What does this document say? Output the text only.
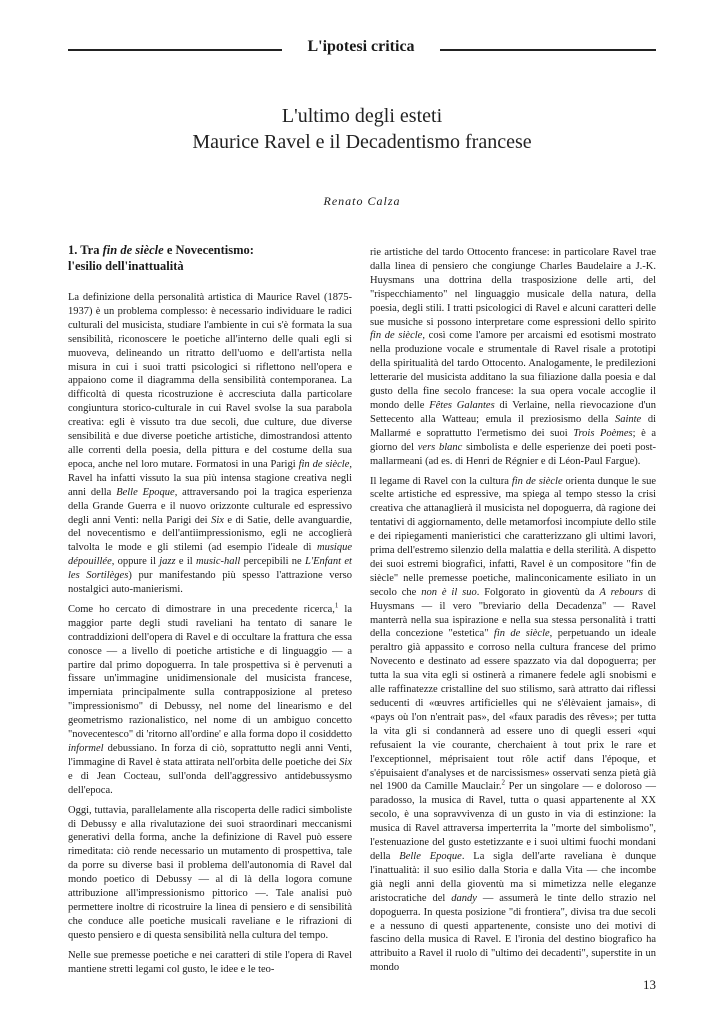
L'ipotesi critica
L'ultimo degli esteti
Maurice Ravel e il Decadentismo francese
Renato Calza
1. Tra fin de siècle e Novecentismo:
l'esilio dell'inattualità

La definizione della personalità artistica di Maurice Ravel (1875-1937) è un problema complesso: è necessario individuare le radici culturali del musicista, studiare l'ambiente in cui s'è formata la sua sensibilità, riconoscere le poetiche all'interno delle quali egli si muoveva, delineando un ritratto dell'uomo e dell'artista nella misura in cui i suoi tratti psicologici si riflettono nell'opera e appaiono come il diagramma della sensibilità contemporanea. La difficoltà di questa ricostruzione è accresciuta dalla particolare congiuntura storico-culturale in cui Ravel svolse la sua parabola creativa: egli è vissuto tra due secoli, due culture, due diverse sensibilità e due diverse poetiche artistiche, dimostrandosi attento alle correnti della poesia, della pittura e del costume della sua epoca, anche nel loro mutare. Formatosi in una Parigi fin de siècle, Ravel ha infatti vissuto la sua più intensa stagione creativa negli anni della Belle Epoque, attraversando poi la tragica esperienza della Grande Guerra e il nuovo orizzonte culturale ed espressivo degli anni Venti: nella Parigi dei Six e di Satie, delle avanguardie, del novecentismo e dell'antiimpressionismo, egli ne accoglierà talvolta le mode e gli stilemi (ad esempio l'ideale di musique dépouillée, oppure il jazz e il music-hall percepibili ne L'Enfant et les Sortilèges) pur manifestando più spesso l'attrazione verso nostalgici auto-manierismi.

Come ho cercato di dimostrare in una precedente ricerca,$^1$ la maggior parte degli studi raveliani ha tentato di sanare le contraddizioni dell'opera di Ravel e di occultare la frattura che essa conosce — a livello di poetiche artistiche e di linguaggio — a partire dal primo dopoguerra. In tale prospettiva si è pervenuti a fissare un'immagine unidimensionale del musicista francese, imperniata principalmente sulla contrapposizione al preteso "impressionismo" di Debussy, nel nome del linearismo e del geometrismo razionalistico, nel nome di un ambiguo concetto "novecentesco" di 'ritorno all'ordine' e alla forma dopo il cosiddetto informel debussiano. In forza di ciò, soprattutto negli anni Venti, l'immagine di Ravel è stata attirata nell'orbita delle poetiche dei Six e di Jean Cocteau, sull'onda dell'aggressivo antidebussysmo dell'epoca.

Oggi, tuttavia, parallelamente alla riscoperta delle radici simboliste di Debussy e alla rivalutazione dei suoi straordinari meccanismi generativi della forma, anche la definizione di Ravel può essere rimeditata: ciò rende necessario un mutamento di prospettiva, tale da porre su diverse basi il problema dell'autonomia di Ravel dal mondo poetico di Debussy — al di là della logora comune attribuzione all'impressionismo pittorico —. Tale analisi può permettere inoltre di ricostruire la linea di pensiero e di sensibilità che conduce alle poetiche musicali raveliane e le rifrazioni di questo pensiero e di questa sensibilità nella cultura del tempo.

Nelle sue premesse poetiche e nei caratteri di stile l'opera di Ravel mantiene stretti legami col gusto, le idee e le teo-

rie artistiche del tardo Ottocento francese: in particolare Ravel trae dalla linea di pensiero che congiunge Charles Baudelaire a J.-K. Huysmans una dottrina della trasposizione delle arti, del "rispecchiamento" nel linguaggio musicale della natura, della poesia, degli stili. I tratti psicologici di Ravel e alcuni caratteri delle sue musiche si possono interpretare come espressioni dello spirito fin de siècle, così come l'amore per arcaismi ed esotismi mostrato nella produzione vocale e strumentale di Ravel risale a prototipi della spiritualità del tardo Ottocento. Analogamente, le predilezioni letterarie del musicista additano la sua filiazione dalla poesia e dal gusto della fine secolo francese: la sua opera vocale accoglie il mondo delle Fêtes Galantes di Verlaine, nella rievocazione d'un Settecento alla Watteau; emula il preziosismo della Sainte di Mallarmé e soprattutto l'ermetismo dei suoi Trois Poèmes; è a giorno del vers blanc simbolista e delle esperienze dei poeti post-mallarmeani (ad es. di Henri de Régnier e di Léon-Paul Fargue).

Il legame di Ravel con la cultura fin de siècle orienta dunque le sue scelte artistiche ed espressive, ma spiega al tempo stesso la crisi creativa che attanaglierà il musicista nel dopoguerra, dà ragione dei tentativi di aggiornamento, delle metamorfosi incompiute dello stile e dei ripiegamenti manieristici che caratterizzano gli ultimi lavori, prima dell'estremo silenzio della malattia e della sterilità. A dispetto dei suoi estremi biografici, infatti, Ravel è un compositore "fin de siècle" nelle premesse poetiche, malinconicamente esiliato in un secolo che non è il suo. Folgorato in gioventù da A rebours di Huysmans — il vero "breviario della Decadenza" — Ravel manterrà nella sua ispirazione e nella sua stessa personalità i tratti della concezione "estetica" fin de siècle, perpetuando un ideale peraltro già appassito e corroso nella cultura francese del primo Novecento e destinato ad essere spazzato via dal dopoguerra; per tutta la sua vita egli si ostinerà a rimanere fedele agli snobismi e alle raffinatezze cristalline del suo stilismo, sarà attratto dai riflessi seducenti di «œuvres artificielles qui ne s'élèvaient jamais», di «pays où l'on n'entrait pas», del «faux paradis des rêves»; per tutta la vita gli si condannerà ad essere uno di quegli esseri «qui refusaient la vie courante, cherchaient à tout prix le rare et l'exceptionnel, méprisaient tout rôle actif dans l'époque, et s'épuisaient d'analyses et de narcissismes» osservati senza pietà già nel 1900 da Camille Mauclair.$^2$ Per un singolare — e doloroso — paradosso, la musica di Ravel, tutta o quasi appartenente al XX secolo, è una sopravvivenza di un gusto in via di estinzione: la musica di Ravel attraversa imperterrita la "morte del simbolismo", l'estenuazione del gusto estetizzante e i suoi ultimi fuochi mondani della Belle Epoque. La sigla dell'arte raveliana è dunque l'inattualità: il suo esilio dalla Storia e dalla Vita — che incombe già negli anni della gioventù ma si mimetizza nelle eleganze aristocratiche del dandy — assumerà le tinte dello strazio nel dopoguerra. In questa posizione "di frontiera", divisa tra due secoli e a nessuno di questi appartenente, consiste uno dei motivi di fascino della musica di Ravel. E l'ironia del destino biografico ha attribuito a Ravel il ruolo di "ultimo dei decadenti", superstite in un mondo

13
